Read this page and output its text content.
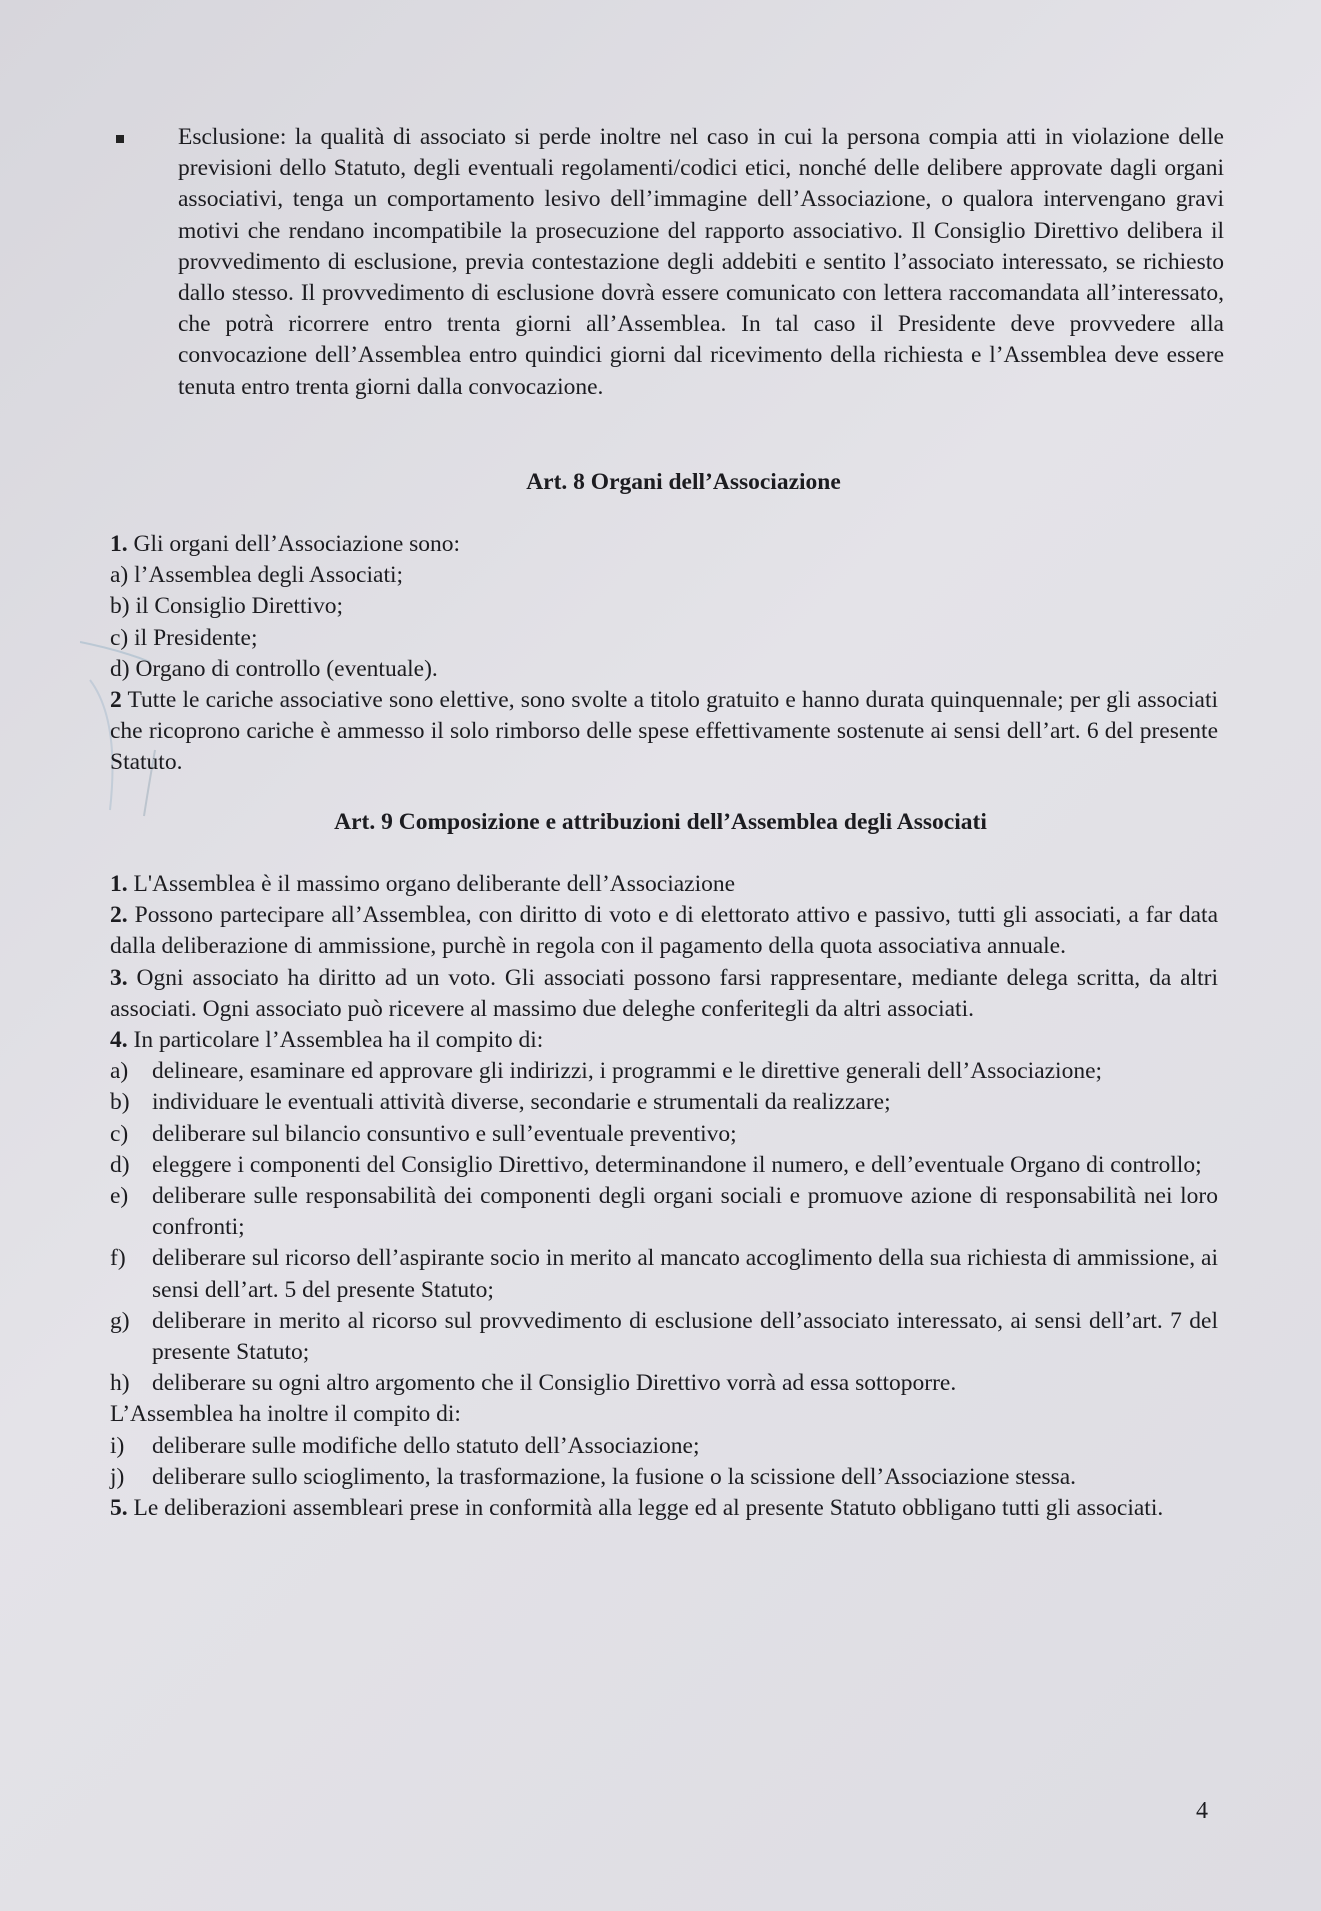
Esclusione: la qualità di associato si perde inoltre nel caso in cui la persona compia atti in violazione delle previsioni dello Statuto, degli eventuali regolamenti/codici etici, nonché delle delibere approvate dagli organi associativi, tenga un comportamento lesivo dell’immagine dell’Associazione, o qualora intervengano gravi motivi che rendano incompatibile la prosecuzione del rapporto associativo. Il Consiglio Direttivo delibera il provvedimento di esclusione, previa contestazione degli addebiti e sentito l’associato interessato, se richiesto dallo stesso. Il provvedimento di esclusione dovrà essere comunicato con lettera raccomandata all’interessato, che potrà ricorrere entro trenta giorni all’Assemblea. In tal caso il Presidente deve provvedere alla convocazione dell’Assemblea entro quindici giorni dal ricevimento della richiesta e l’Assemblea deve essere tenuta entro trenta giorni dalla convocazione.
Art. 8 Organi dell’Associazione
1. Gli organi dell’Associazione sono:
a) l’Assemblea degli Associati;
b) il Consiglio Direttivo;
c) il Presidente;
d) Organo di controllo (eventuale).
2 Tutte le cariche associative sono elettive, sono svolte a titolo gratuito e hanno durata quinquennale; per gli associati che ricoprono cariche è ammesso il solo rimborso delle spese effettivamente sostenute ai sensi dell’art. 6 del presente Statuto.
Art. 9 Composizione e attribuzioni dell’Assemblea degli Associati
1. L'Assemblea è il massimo organo deliberante dell’Associazione
2. Possono partecipare all’Assemblea, con diritto di voto e di elettorato attivo e passivo, tutti gli associati, a far data dalla deliberazione di ammissione, purchè in regola con il pagamento della quota associativa annuale.
3. Ogni associato ha diritto ad un voto. Gli associati possono farsi rappresentare, mediante delega scritta, da altri associati. Ogni associato può ricevere al massimo due deleghe conferitegli da altri associati.
4. In particolare l’Assemblea ha il compito di:
a)	delineare, esaminare ed approvare gli indirizzi, i programmi e le direttive generali dell’Associazione;
b) individuare le eventuali attività diverse, secondarie e strumentali da realizzare;
c)	deliberare sul bilancio consuntivo e sull’eventuale preventivo;
d) eleggere i componenti del Consiglio Direttivo, determinandone il numero, e dell’eventuale Organo di controllo;
e)	deliberare sulle responsabilità dei componenti degli organi sociali e promuove azione di responsabilità nei loro confronti;
f)	deliberare sul ricorso dell’aspirante socio in merito al mancato accoglimento della sua richiesta di ammissione, ai sensi dell’art. 5 del presente Statuto;
g) deliberare in merito al ricorso sul provvedimento di esclusione dell’associato interessato, ai sensi dell’art. 7 del presente Statuto;
h) deliberare su ogni altro argomento che il Consiglio Direttivo vorrà ad essa sottoporre.
L’Assemblea ha inoltre il compito di:
i)	deliberare sulle modifiche dello statuto dell’Associazione;
j)	deliberare sullo scioglimento, la trasformazione, la fusione o la scissione dell’Associazione stessa.
5. Le deliberazioni assembleari prese in conformità alla legge ed al presente Statuto obbligano tutti gli associati.
4
